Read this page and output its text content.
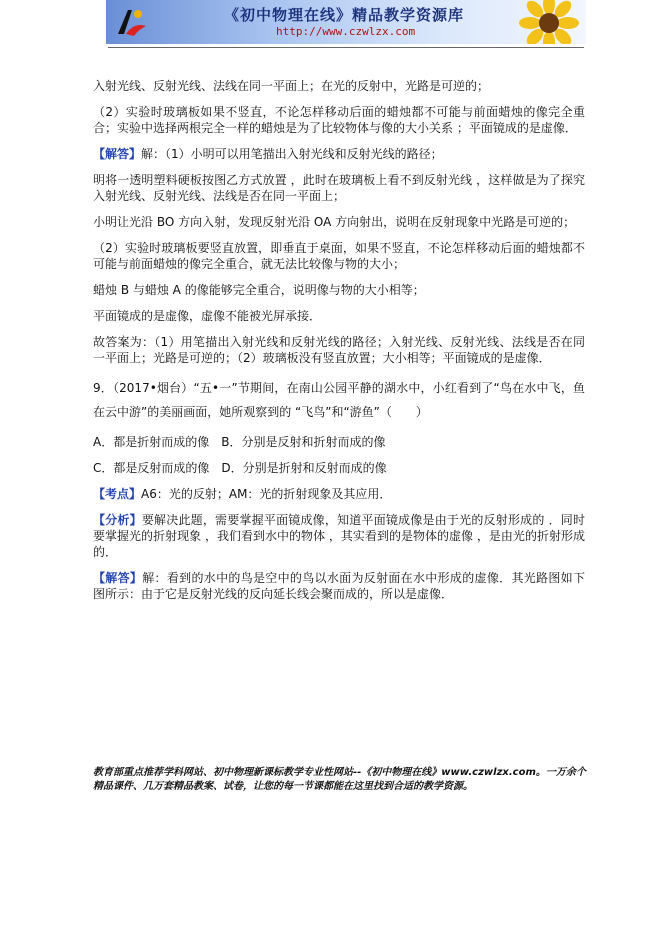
《初中物理在线》精品教学资源库
http://www.czwlzx.com

入射光线、反射光线、法线在同一平面上；在光的反射中，光路是可逆的；

（2）实验时玻璃板如果不竖直，不论怎样移动后面的蜡烛都不可能与前面蜡烛的像完全重合；实验中选择两根完全一样的蜡烛是为了比较物体与像的大小关系 ；平面镜成的是虚像．

【解答】解：（1）小明可以用笔描出入射光线和反射光线的路径；

明将一透明塑料硬板按图乙方式放置 ，此时在玻璃板上看不到反射光线 ，这样做是为了探究入射光线、反射光线、法线是否在同一平面上；

小明让光沿 BO 方向入射，发现反射光沿 OA 方向射出，说明在反射现象中光路是可逆的；

（2）实验时玻璃板要竖直放置，即垂直于桌面，如果不竖直，不论怎样移动后面的蜡烛都不可能与前面蜡烛的像完全重合，就无法比较像与物的大小；

蜡烛 B 与蜡烛 A 的像能够完全重合，说明像与物的大小相等；

平面镜成的是虚像，虚像不能被光屏承接．

故答案为：（1）用笔描出入射光线和反射光线的路径；入射光线、反射光线、法线是否在同一平面上；光路是可逆的；（2）玻璃板没有竖直放置；大小相等；平面镜成的是虚像．

9．（2017•烟台）“五•一”节期间，在南山公园平静的湖水中，小红看到了“鸟在水中飞，鱼在云中游”的美丽画面，她所观察到的 “飞鸟”和“游鱼”（　　）

A．都是折射而成的像　B．分别是反射和折射而成的像

C．都是反射而成的像　D．分别是折射和反射而成的像

【考点】A6：光的反射；AM：光的折射现象及其应用．

【分析】要解决此题，需要掌握平面镜成像，知道平面镜成像是由于光的反射形成的 ．同时要掌握光的折射现象 ，我们看到水中的物体 ，其实看到的是物体的虚像 ，是由光的折射形成的．

【解答】解：看到的水中的鸟是空中的鸟以水面为反射面在水中形成的虚像．其光路图如下图所示：由于它是反射光线的反向延长线会聚而成的，所以是虚像．

教育部重点推荐学科网站、初中物理新课标教学专业性网站--《初中物理在线》www.czwlzx.com。一万余个精品课件、几万套精品教案、试卷，让您的每一节课都能在这里找到合适的教学资源。
